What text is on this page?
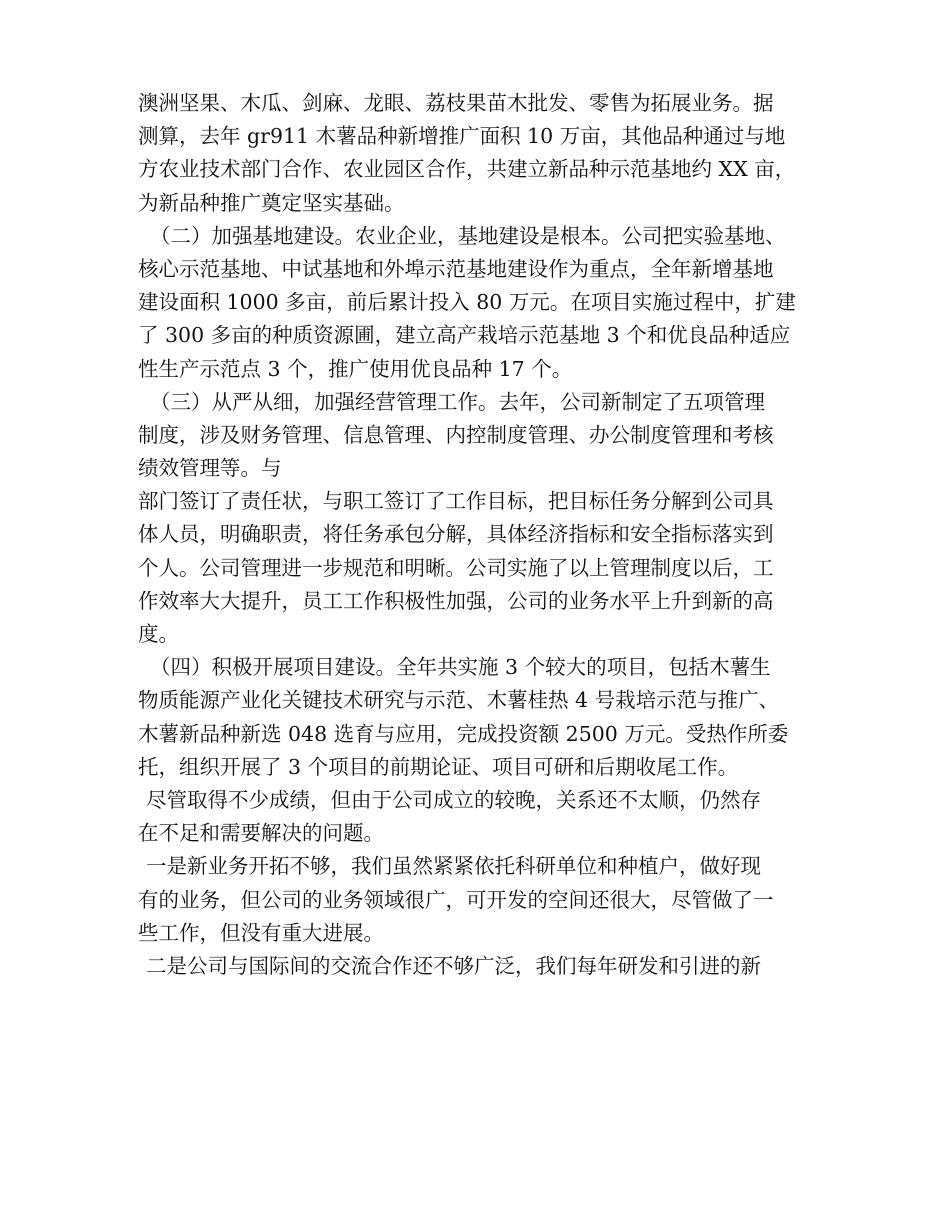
澳洲坚果、木瓜、剑麻、龙眼、荔枝果苗木批发、零售为拓展业务。据
测算，去年 gr911 木薯品种新增推广面积 10 万亩，其他品种通过与地
方农业技术部门合作、农业园区合作，共建立新品种示范基地约 XX 亩，
为新品种推广奠定坚实基础。
（二）加强基地建设。农业企业，基地建设是根本。公司把实验基地、
核心示范基地、中试基地和外埠示范基地建设作为重点，全年新增基地
建设面积 1000 多亩，前后累计投入 80 万元。在项目实施过程中，扩建
了 300 多亩的种质资源圃，建立高产栽培示范基地 3 个和优良品种适应
性生产示范点 3 个，推广使用优良品种 17 个。
（三）从严从细，加强经营管理工作。去年，公司新制定了五项管理
制度，涉及财务管理、信息管理、内控制度管理、办公制度管理和考核
绩效管理等。与
部门签订了责任状，与职工签订了工作目标，把目标任务分解到公司具
体人员，明确职责，将任务承包分解，具体经济指标和安全指标落实到
个人。公司管理进一步规范和明晰。公司实施了以上管理制度以后，工
作效率大大提升，员工工作积极性加强，公司的业务水平上升到新的高
度。
（四）积极开展项目建设。全年共实施 3 个较大的项目，包括木薯生
物质能源产业化关键技术研究与示范、木薯桂热 4 号栽培示范与推广、
木薯新品种新选 048 选育与应用，完成投资额 2500 万元。受热作所委
托，组织开展了 3 个项目的前期论证、项目可研和后期收尾工作。
尽管取得不少成绩，但由于公司成立的较晚，关系还不太顺，仍然存
在不足和需要解决的问题。
一是新业务开拓不够，我们虽然紧紧依托科研单位和种植户，做好现
有的业务，但公司的业务领域很广，可开发的空间还很大，尽管做了一
些工作，但没有重大进展。
二是公司与国际间的交流合作还不够广泛，我们每年研发和引进的新
